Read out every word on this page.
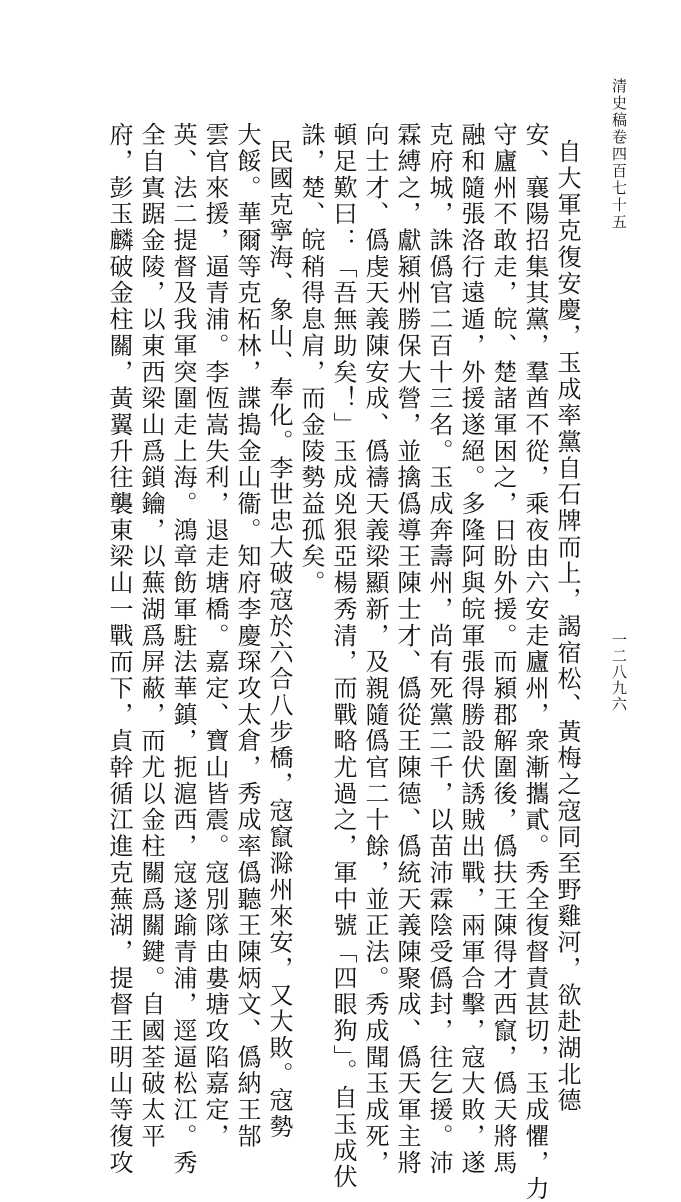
清史稿卷四百七十五
一二八九六
自大軍克復安慶，玉成率黨自石牌而上，謁宿松、黃梅之寇同至野雞河，欲赴湖北德
安、襄陽招集其黨，羣酋不從，乘夜由六安走廬州，衆漸攜貳。秀全復督責甚切，玉成懼，力
守廬州不敢走，皖、楚諸軍困之，日盼外援。而潁郡解圍後，僞扶王陳得才西竄，僞天將馬
融和隨張洛行遠遁，外援遂絕。多隆阿與皖軍張得勝設伏誘賊出戰，兩軍合擊，寇大敗，遂
克府城，誅僞官二百十三名。玉成奔壽州，尚有死黨二千，以苗沛霖陰受僞封，往乞援。沛
霖縛之，獻潁州勝保大營，並擒僞導王陳士才、僞從王陳德、僞統天義陳聚成、僞天軍主將
向士才、僞虔天義陳安成、僞禱天義梁顯新，及親隨僞官二十餘，並正法。秀成聞玉成死，
頓足歎曰：「吾無助矣！」玉成兇狠亞楊秀清，而戰略尤過之，軍中號「四眼狗」。自玉成伏
誅，楚、皖稍得息肩，而金陵勢益孤矣。
民國克寧海、象山、奉化。李世忠大破寇於六合八步橋，寇竄滁州來安，又大敗。寇勢
大餒。華爾等克柘林，諜搗金山衞。知府李慶琛攻太倉，秀成率僞聽王陳炳文、僞納王郜
雲官來援，逼青浦。李恆嵩失利，退走塘橋。嘉定、寶山皆震。寇別隊由婁塘攻陷嘉定，
英、法二提督及我軍突圍走上海。鴻章飭軍駐法華鎮，扼滬西，寇遂踰青浦，逕逼松江。秀
全自寘踞金陵，以東西梁山爲鎖鑰，以蕪湖爲屏蔽，而尤以金柱關爲關鍵。自國荃破太平
府，彭玉麟破金柱關，黃翼升往襲東梁山一戰而下，貞幹循江進克蕪湖，提督王明山等復攻
